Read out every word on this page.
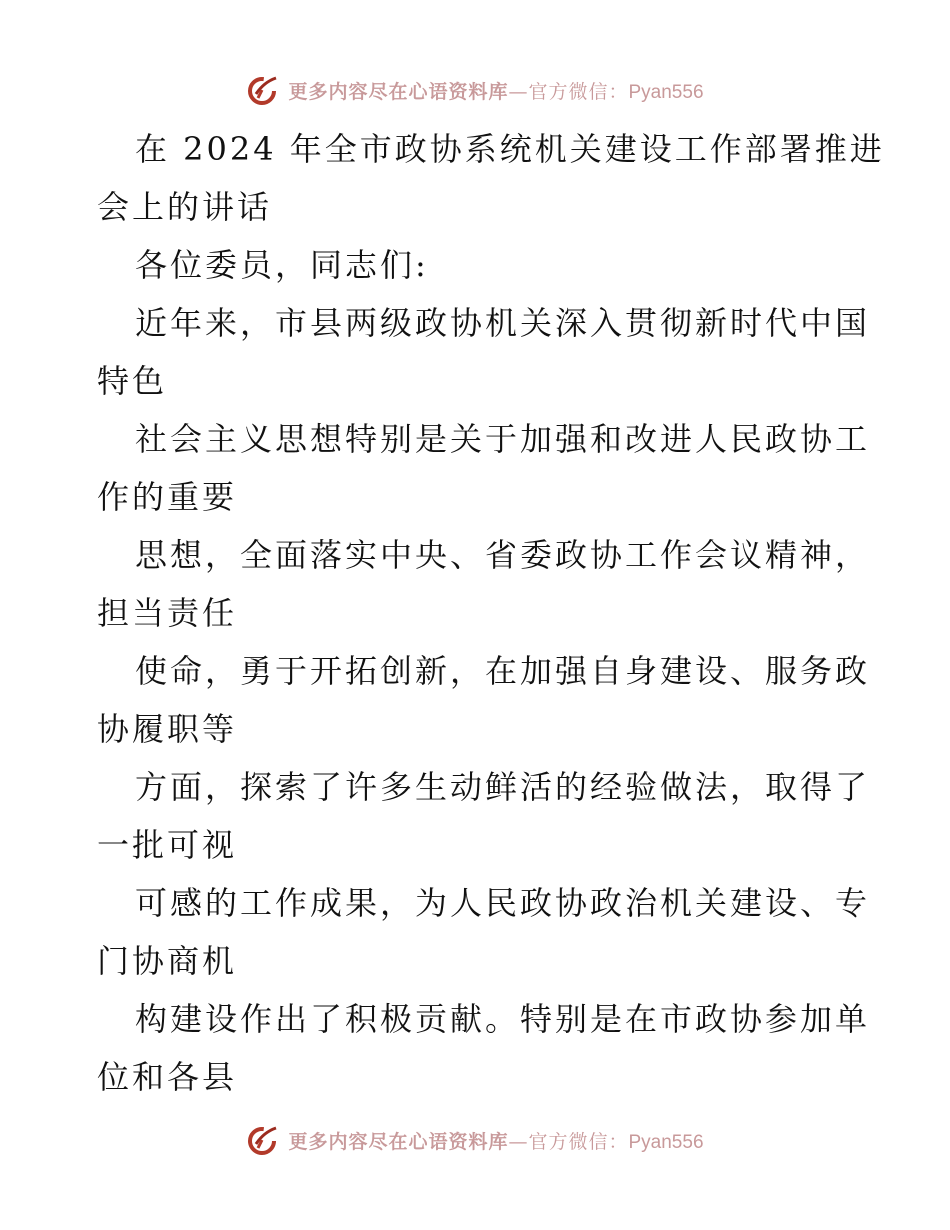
更多内容尽在心语资料库—官方微信：Pyan556
在 2024 年全市政协系统机关建设工作部署推进
会上的讲话
各位委员，同志们:
近年来，市县两级政协机关深入贯彻新时代中国
特色
社会主义思想特别是关于加强和改进人民政协工
作的重要
思想，全面落实中央、省委政协工作会议精神，
担当责任
使命，勇于开拓创新，在加强自身建设、服务政
协履职等
方面，探索了许多生动鲜活的经验做法，取得了
一批可视
可感的工作成果，为人民政协政治机关建设、专
门协商机
构建设作出了积极贡献。特别是在市政协参加单
位和各县
更多内容尽在心语资料库—官方微信：Pyan556
